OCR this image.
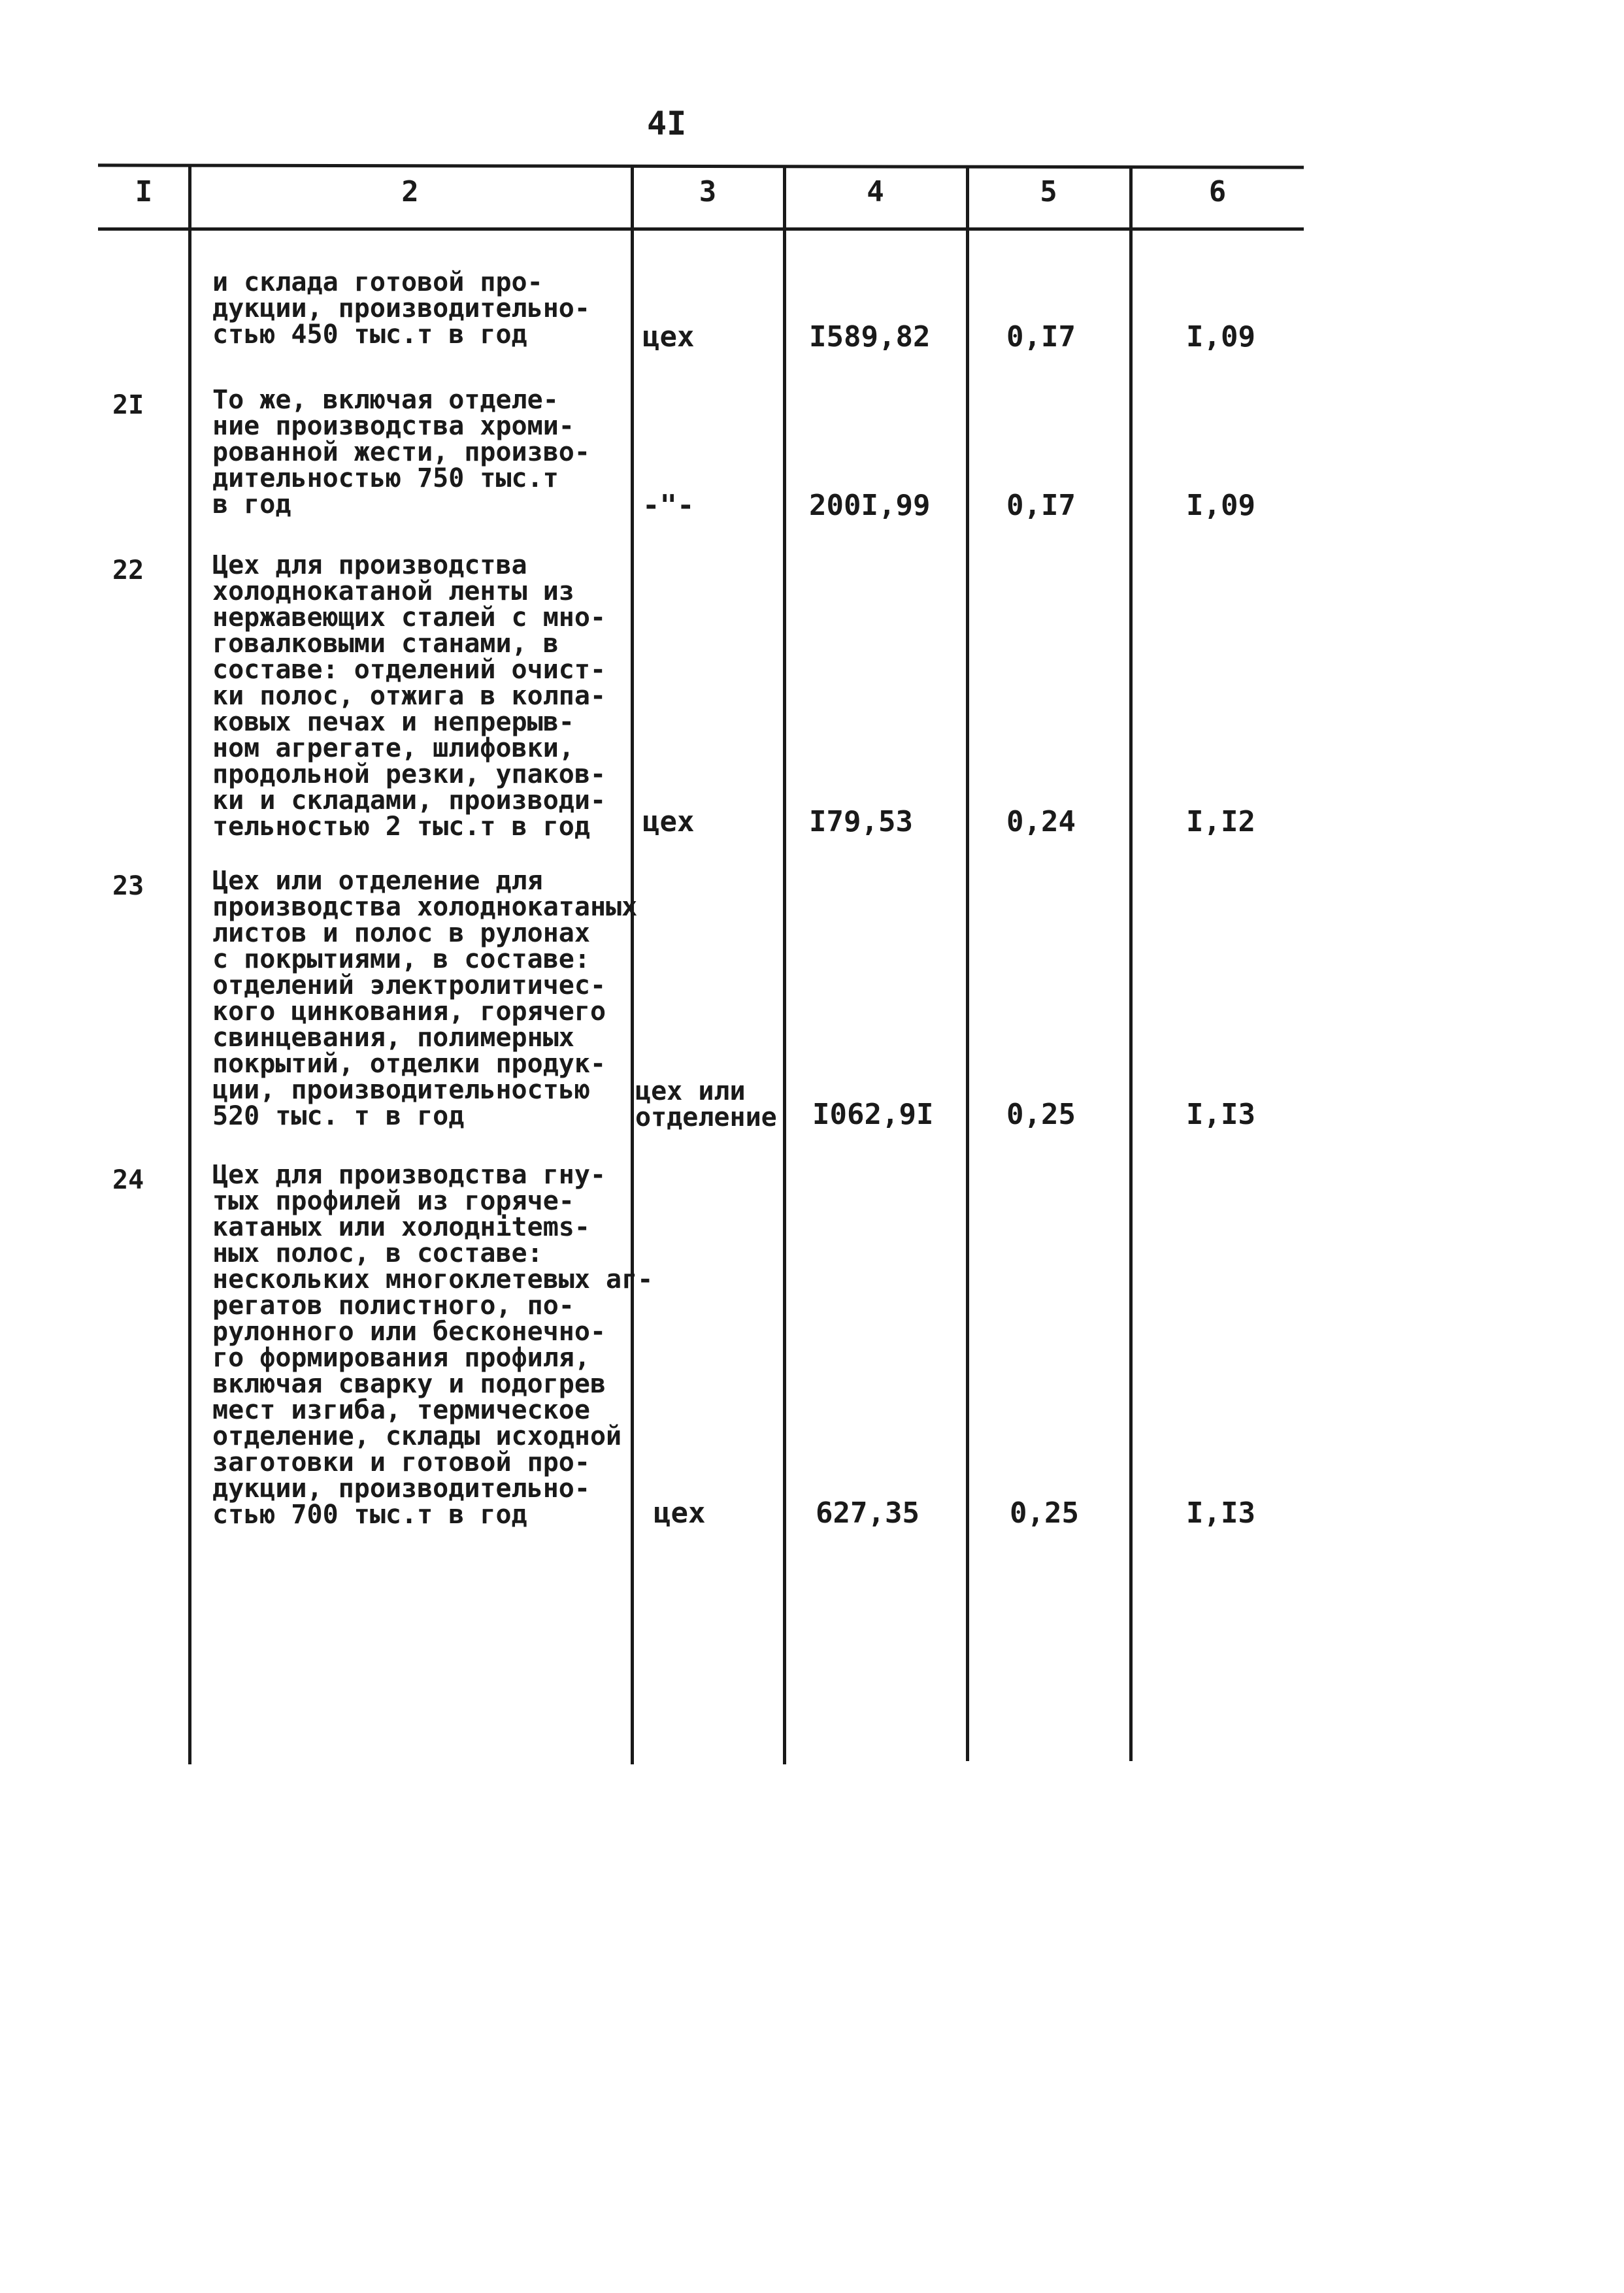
4I
I	2	3	4	5	6
и склада готовой про-
дукции, производительно-
стью 450 тыс.т в год	цех	I589,82	0,I7	I,09
2I	То же, включая отделе-
ние производства хроми-
рованной жести, произво-
дительностью 750 тыс.т
в год	-"-	200I,99	0,I7	I,09
22	Цех для производства
холоднокатаной ленты из
нержавеющих сталей с мно-
говалковыми станами, в
составе: отделений очист-
ки полос, отжига в колпа-
ковых печах и непрерыв-
ном агрегате, шлифовки,
продольной резки, упаков-
ки и складами, производи-
тельностью 2 тыс.т в год	цех	I79,53	0,24	I,I2
23	Цех или отделение для
производства холоднокатаных
листов и полос в рулонах
с покрытиями, в составе:
отделений электролитичес-
кого цинкования, горячего
свинцевания, полимерных
покрытий, отделки продук-
ции, производительностью
520 тыс. т в год
цех или
отделение I062,9I	0,25	I,I3
24	Цех для производства гну-
тых профилей из горяче-
катаных или холоднitems-
ных полос, в составе:
нескольких многоклетевых аг-
регатов полистного, по-
рулонного или бесконечно-
го формирования профиля,
включая сварку и подогрев
мест изгиба, термическое
отделение, склады исходной
заготовки и готовой про-
дукции, производительно-
стью 700 тыс.т в год	цех	627,35	0,25	I,I3
